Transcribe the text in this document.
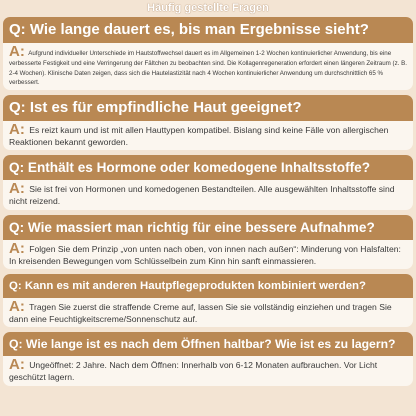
Häufig gestellte Fragen
Q: Wie lange dauert es, bis man Ergebnisse sieht?
A: Aufgrund individueller Unterschiede im Hautstoffwechsel dauert es im Allgemeinen 1-2 Wochen kontinuierlicher Anwendung, bis eine verbesserte Festigkeit und eine Verringerung der Fältchen zu beobachten sind. Die Kollagenregeneration erfordert einen längeren Zeitraum (z. B. 2-4 Wochen). Klinische Daten zeigen, dass sich die Hautelastizität nach 4 Wochen kontinuierlicher Anwendung um durchschnittlich 65 % verbessert.
Q: Ist es für empfindliche Haut geeignet?
A: Es reizt kaum und ist mit allen Hauttypen kompatibel. Bislang sind keine Fälle von allergischen Reaktionen bekannt geworden.
Q: Enthält es Hormone oder komedogene Inhaltsstoffe?
A: Sie ist frei von Hormonen und komedogenen Bestandteilen. Alle ausgewählten Inhaltsstoffe sind nicht reizend.
Q: Wie massiert man richtig für eine bessere Aufnahme?
A: Folgen Sie dem Prinzip „von unten nach oben, von innen nach außen“: Minderung von Halsfalten: In kreisenden Bewegungen vom Schlüsselbein zum Kinn hin sanft einmassieren.
Q: Kann es mit anderen Hautpflegeprodukten kombiniert werden?
A: Tragen Sie zuerst die straffende Creme auf, lassen Sie sie vollständig einziehen und tragen Sie dann eine Feuchtigkeitscreme/Sonnenschutz auf.
Q: Wie lange ist es nach dem Öffnen haltbar? Wie ist es zu lagern?
A: Ungeöffnet: 2 Jahre. Nach dem Öffnen: Innerhalb von 6-12 Monaten aufbrauchen. Vor Licht geschützt lagern.
